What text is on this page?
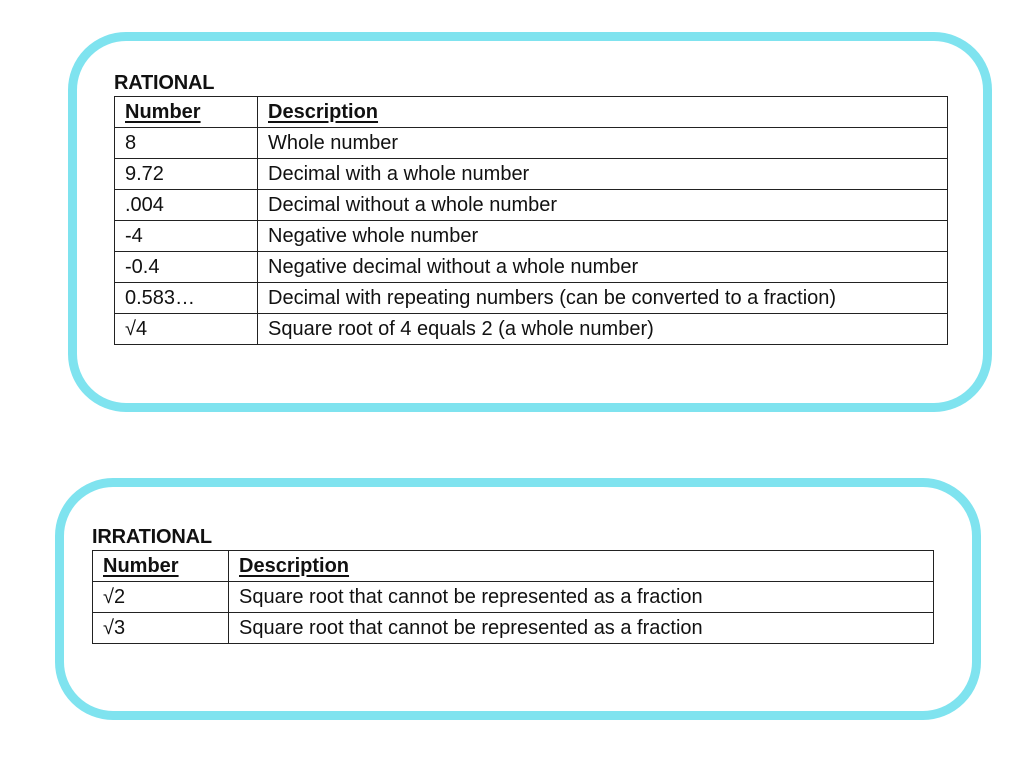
RATIONAL
Number	Description
8	Whole number
9.72	Decimal with a whole number
.004	Decimal without a whole number
-4	Negative whole number
-0.4	Negative decimal without a whole number
0.583…	Decimal with repeating numbers (can be converted to a fraction)
√4	Square root of 4 equals 2 (a whole number)
IRRATIONAL
Number	Description
√2	Square root that cannot be represented as a fraction
√3	Square root that cannot be represented as a fraction
